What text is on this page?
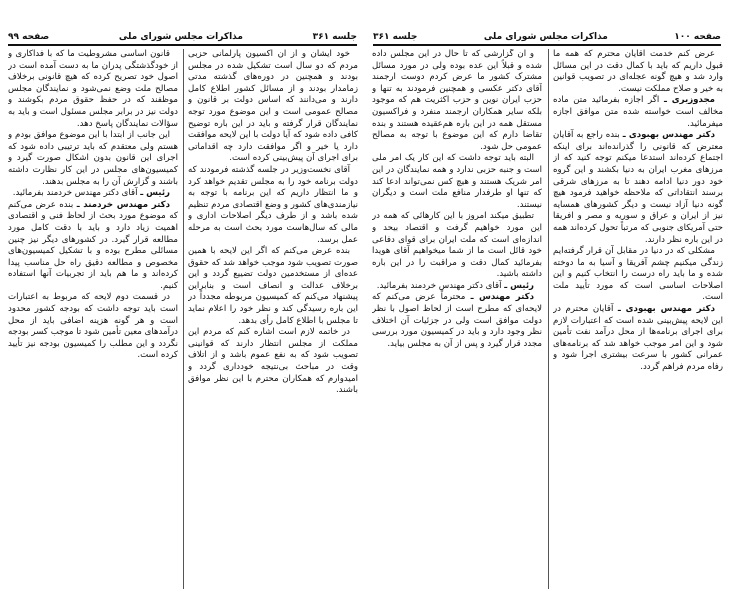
صفحه ۹۹	مذاکرات مجلس شورای ملی	جلسه ۳۶۱

خود ایشان و از آن اکسیون پارلمانی حزبی مردم که دو سال است تشکیل شده در مجلس بودند و همچنین در دوره‌های گذشته مدتی زمامدار بودند و از مسائل کشور اطلاع کامل دارند و می‌دانند که اساس دولت بر قانون و مصالح عمومی است و این موضوع مورد توجه نمایندگان قرار گرفته و باید در این باره توضیح کافی داده شود که آیا دولت با این لایحه موافقت دارد یا خیر و اگر موافقت دارد چه اقداماتی برای اجرای آن پیش‌بینی کرده است.

آقای نخست‌وزیر در جلسه گذشته فرمودند که دولت برنامه خود را به مجلس تقدیم خواهد کرد و ما انتظار داریم که این برنامه با توجه به نیازمندی‌های کشور و وضع اقتصادی مردم تنظیم شده باشد و از طرف دیگر اصلاحات اداری و مالی که سال‌هاست مورد بحث است به مرحله عمل برسد.

بنده عرض می‌کنم که اگر این لایحه با همین صورت تصویب شود موجب خواهد شد که حقوق عده‌ای از مستخدمین دولت تضییع گردد و این برخلاف عدالت و انصاف است و بنابراین پیشنهاد می‌کنم که کمیسیون مربوطه مجدداً در این باره رسیدگی کند و نظر خود را اعلام نماید تا مجلس با اطلاع کامل رأی بدهد.

در خاتمه لازم است اشاره کنم که مردم این مملکت از مجلس انتظار دارند که قوانینی تصویب شود که به نفع عموم باشد و از اتلاف وقت در مباحث بی‌نتیجه خودداری گردد و امیدوارم که همکاران محترم با این نظر موافق باشند.

قانون اساسی مشروطیت ما که با فداکاری و از خودگذشتگی پدران ما به دست آمده است در اصول خود تصریح کرده که هیچ قانونی برخلاف مصالح ملت وضع نمی‌شود و نمایندگان مجلس موظفند که در حفظ حقوق مردم بکوشند و دولت نیز در برابر مجلس مسئول است و باید به سؤالات نمایندگان پاسخ دهد.

این جانب از ابتدا با این موضوع موافق بودم و هستم ولی معتقدم که باید ترتیبی داده شود که اجرای این قانون بدون اشکال صورت گیرد و کمیسیون‌های مجلس در این کار نظارت داشته باشند و گزارش آن را به مجلس بدهند.

رئیس ـ آقای دکتر مهندس خردمند بفرمائید.

دکتر مهندس خردمند ـ بنده عرض می‌کنم که موضوع مورد بحث از لحاظ فنی و اقتصادی اهمیت زیاد دارد و باید با دقت کامل مورد مطالعه قرار گیرد. در کشورهای دیگر نیز چنین مسائلی مطرح بوده و با تشکیل کمیسیون‌های مخصوص و مطالعه دقیق راه حل مناسب پیدا کرده‌اند و ما هم باید از تجربیات آنها استفاده کنیم.

در قسمت دوم لایحه که مربوط به اعتبارات است باید توجه داشت که بودجه کشور محدود است و هر گونه هزینه اضافی باید از محل درآمدهای معین تأمین شود تا موجب کسر بودجه نگردد و این مطلب را کمیسیون بودجه نیز تأیید کرده است.

جلسه ۳۶۱	مذاکرات مجلس شورای ملی	صفحه ۱۰۰

و آن گزارشی که تا حال در این مجلس داده شده و قبلاً این عده بوده ولی در مورد مسائل مشترک کشور ما عرض کردم دوست ارجمند آقای دکتر عکسی و همچنین فرمودند به تنها و حزب ایران نوین و حزب اکثریت هم که موجود بلکه سایر همکاران ارجمند منفرد و فراکسیون مستقل همه در این باره هم‌عقیده هستند و بنده تقاضا دارم که این موضوع با توجه به مصالح عمومی حل شود.

البته باید توجه داشت که این کار یک امر ملی است و جنبه حزبی ندارد و همه نمایندگان در این امر شریک هستند و هیچ کس نمی‌تواند ادعا کند که تنها او طرفدار منافع ملت است و دیگران نیستند.

تطبیق میکند امروز با این کارهائی که همه در این مورد خواهیم گرفت و اقتصاد بیحد و اندازه‌ای است که ملت ایران برای قوای دفاعی خود قائل است ما از شما میخواهیم آقای هویدا بفرمائید کمال دقت و مراقبت را در این باره داشته باشید.

رئیس ـ آقای دکتر مهندس خردمند بفرمائید.

دکتر مهندس ـ محترماً عرض می‌کنم که لایحه‌ای که مطرح است از لحاظ اصول با نظر دولت موافق است ولی در جزئیات آن اختلاف نظر وجود دارد و باید در کمیسیون مورد بررسی مجدد قرار گیرد و پس از آن به مجلس بیاید.

عرض کنم خدمت آقایان محترم که همه ما قبول داریم که باید با کمال دقت در این مسائل وارد شد و هیچ گونه عجله‌ای در تصویب قوانین به خیر و صلاح مملکت نیست.

مجدوزیری ـ اگر اجازه بفرمائید متن ماده مخالف است خواسته شده متن موافق اجازه میفرمائید.

دکتر مهندس بهبودی ـ بنده راجع به آقایان معترض که قانونی را گذرانده‌اند برای اینکه اجتماع کرده‌اند استدعا میکنم توجه کنید که از مرزهای مغرب ایران به دنیا بکشند و این گروه خود دور دنیا ادامه دهند تا به مرزهای شرقی برسند انتقاداتی که ملاحظه خواهید فرمود هیچ گونه دنیا آزاد نیست و دیگر کشورهای همسایه نیز از ایران و عراق و سوریه و مصر و افریقا حتی آمریکای جنوبی که مرتباً تحول کرده‌اند همه در این باره نظر دارند.

مشکلی که در دنیا در مقابل آن قرار گرفته‌ایم زندگی میکنیم چشم آفریقا و آسیا به ما دوخته شده و ما باید راه درست را انتخاب کنیم و این اصلاحات اساسی است که مورد تأیید ملت است.

دکتر مهندس بهبودی ـ آقایان محترم در این لایحه پیش‌بینی شده است که اعتبارات لازم برای اجرای برنامه‌ها از محل درآمد نفت تأمین شود و این امر موجب خواهد شد که برنامه‌های عمرانی کشور با سرعت بیشتری اجرا شود و رفاه مردم فراهم گردد.
